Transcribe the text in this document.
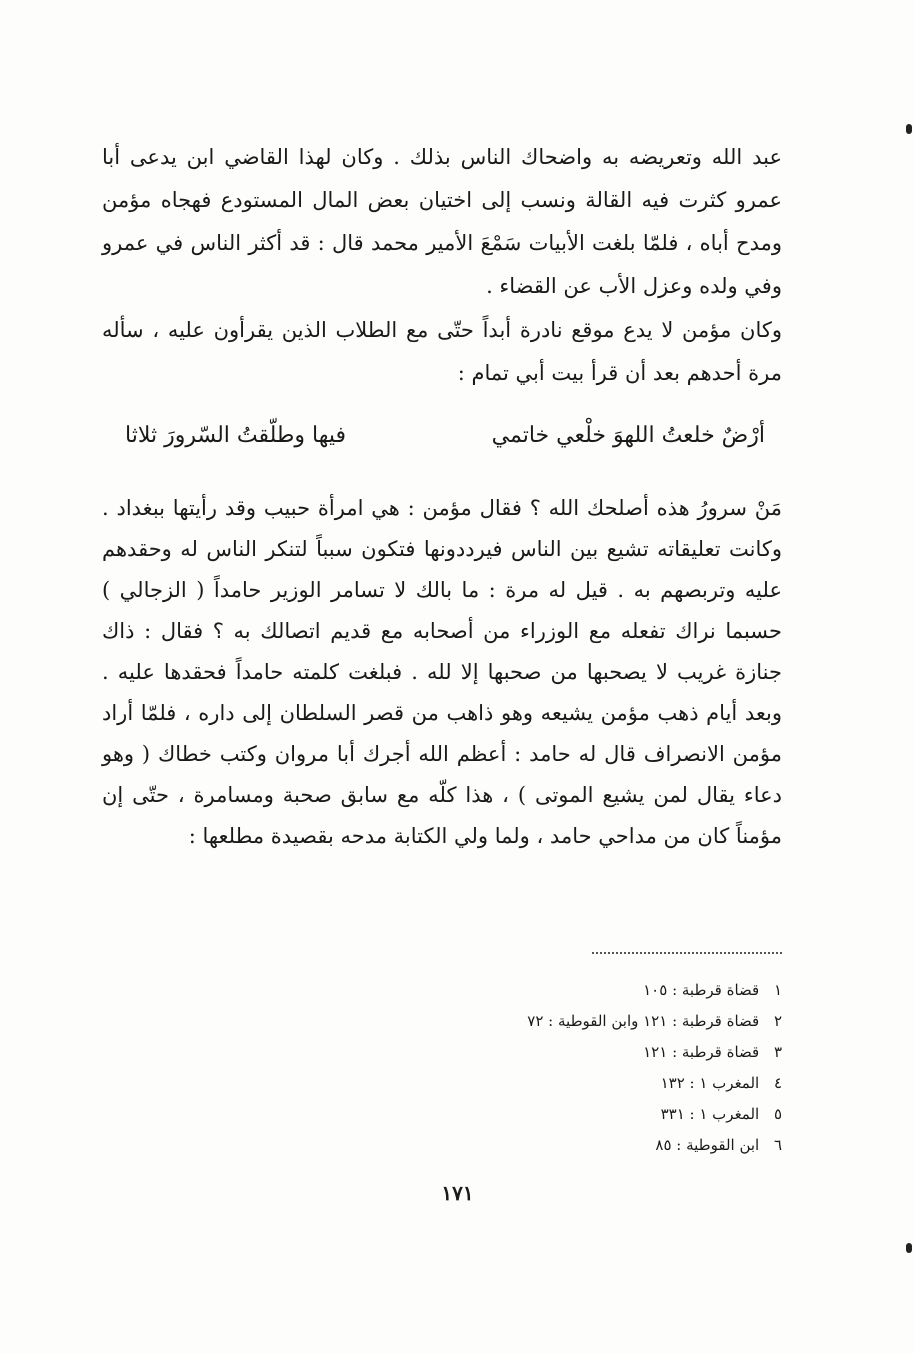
عبد الله وتعريضه به واضحاك الناس بذلك . وكان لهذا القاضي ابن يدعى أبا عمرو كثرت فيه القالة ونسب إلى اختيان بعض المال المستودع فهجاه مؤمن ومدح أباه ، فلمّا بلغت الأبيات سَمْعَ الأمير محمد قال : قد أكثر الناس في عمرو وفي ولده وعزل الأب عن القضاء .

وكان مؤمن لا يدع موقع نادرة أبداً حتّى مع الطلاب الذين يقرأون عليه ، سأله مرة أحدهم بعد أن قرأ بيت أبي تمام :

أرْضٌ خلعتُ اللهوَ خلْعي خاتمي
فيها وطلّقتُ السّرورَ ثلاثا

مَنْ سرورُ هذه أصلحك الله ؟ فقال مؤمن : هي امرأة حبيب وقد رأيتها ببغداد . وكانت تعليقاته تشيع بين الناس فيرددونها فتكون سبباً لتنكر الناس له وحقدهم عليه وتربصهم به . قيل له مرة : ما بالك لا تسامر الوزير حامداً ( الزجالي ) حسبما نراك تفعله مع الوزراء من أصحابه مع قديم اتصالك به ؟ فقال : ذاك جنازة غريب لا يصحبها من صحبها إلا لله . فبلغت كلمته حامداً فحقدها عليه . وبعد أيام ذهب مؤمن يشيعه وهو ذاهب من قصر السلطان إلى داره ، فلمّا أراد مؤمن الانصراف قال له حامد : أعظم الله أجرك أبا مروان وكتب خطاك ( وهو دعاء يقال لمن يشيع الموتى ) ، هذا كلّه مع سابق صحبة ومسامرة ، حتّى إن مؤمناً كان من مداحي حامد ، ولما ولي الكتابة مدحه بقصيدة مطلعها :

١ قضاة قرطبة : ١٠٥
٢ قضاة قرطبة : ١٢١ وابن القوطية : ٧٢
٣ قضاة قرطبة : ١٢١
٤ المغرب ١ : ١٣٢
٥ المغرب ١ : ٣٣١
٦ ابن القوطية : ٨٥
١٧١
